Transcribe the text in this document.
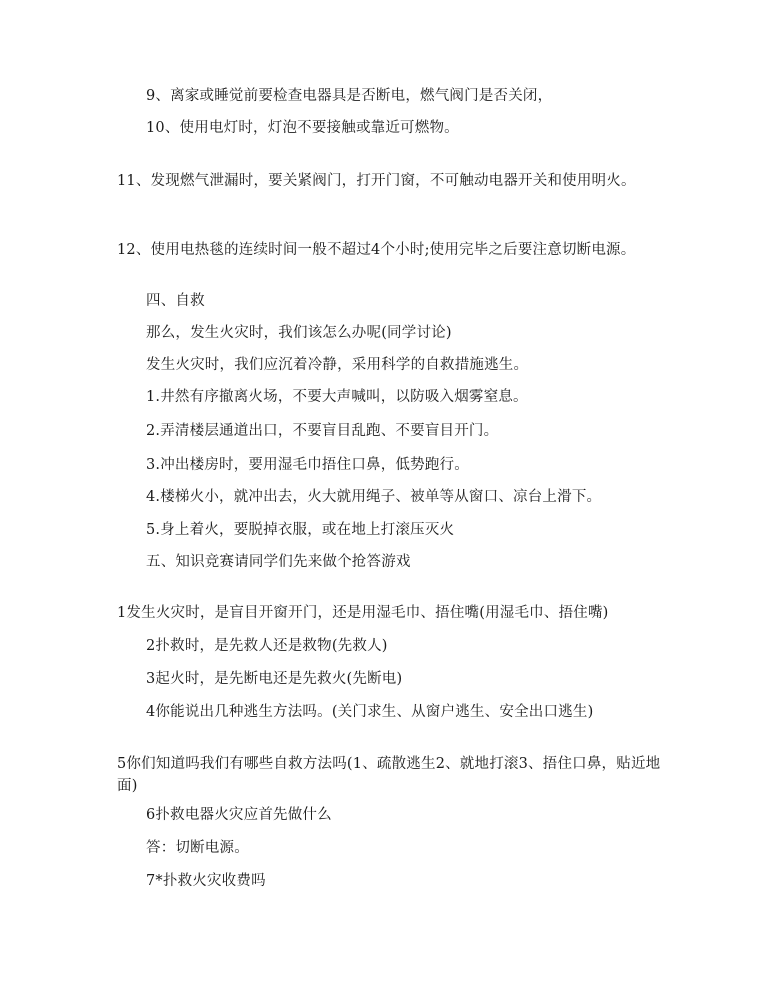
9、离家或睡觉前要检查电器具是否断电，燃气阀门是否关闭，
10、使用电灯时，灯泡不要接触或靠近可燃物。
11、发现燃气泄漏时，要关紧阀门，打开门窗，不可触动电器开关和使用明火。
12、使用电热毯的连续时间一般不超过4个小时;使用完毕之后要注意切断电源。
四、自救
那么，发生火灾时，我们该怎么办呢(同学讨论)
发生火灾时，我们应沉着冷静，采用科学的自救措施逃生。
1.井然有序撤离火场，不要大声喊叫，以防吸入烟雾窒息。
2.弄清楼层通道出口，不要盲目乱跑、不要盲目开门。
3.冲出楼房时，要用湿毛巾捂住口鼻，低势跑行。
4.楼梯火小，就冲出去，火大就用绳子、被单等从窗口、凉台上滑下。
5.身上着火，要脱掉衣服，或在地上打滚压灭火
五、知识竞赛请同学们先来做个抢答游戏
1发生火灾时，是盲目开窗开门，还是用湿毛巾、捂住嘴(用湿毛巾、捂住嘴)
2扑救时，是先救人还是救物(先救人)
3起火时，是先断电还是先救火(先断电)
4你能说出几种逃生方法吗。(关门求生、从窗户逃生、安全出口逃生)
5你们知道吗我们有哪些自救方法吗(1、疏散逃生2、就地打滚3、捂住口鼻，贴近地面)
6扑救电器火灾应首先做什么
答：切断电源。
7*扑救火灾收费吗
